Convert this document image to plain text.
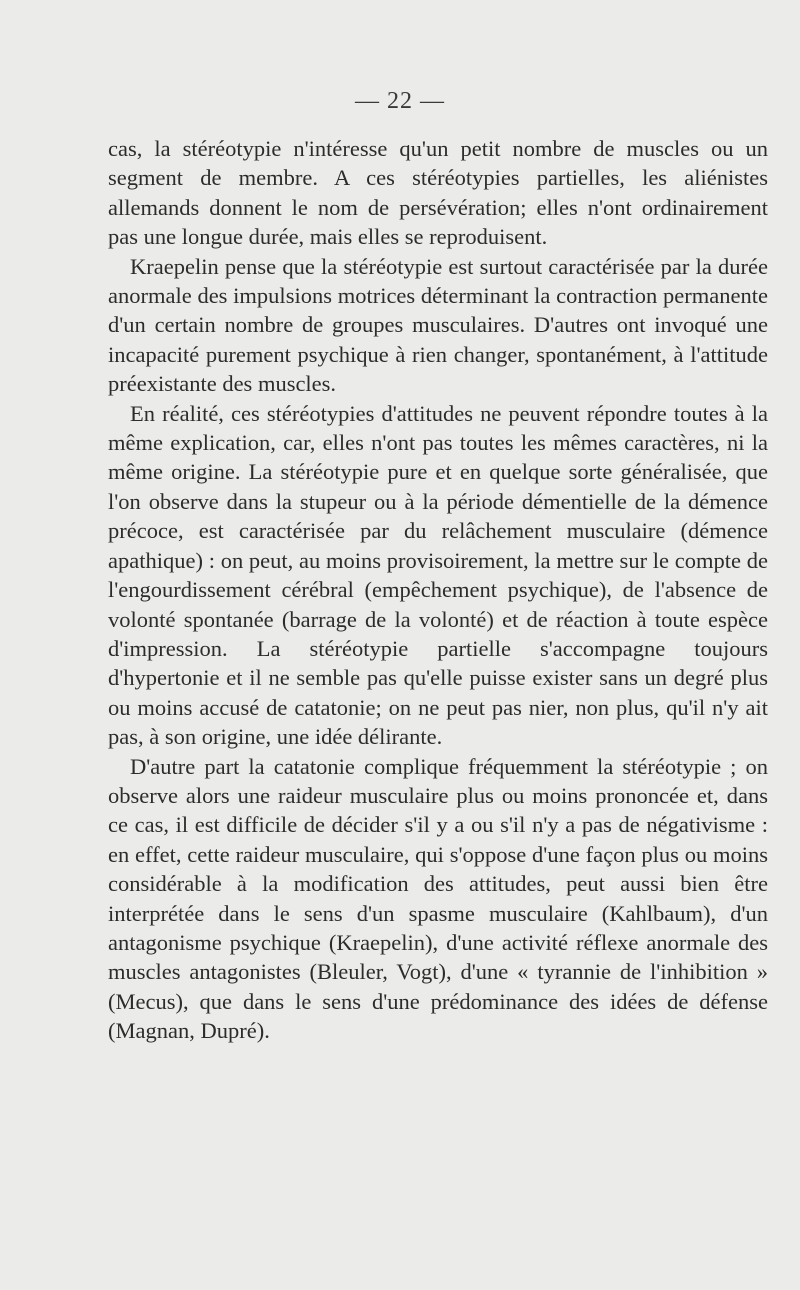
— 22 —

cas, la stéréotypie n'intéresse qu'un petit nombre de muscles ou un segment de membre. A ces stéréotypies partielles, les aliénistes allemands donnent le nom de persévération; elles n'ont ordinairement pas une longue durée, mais elles se reproduisent.

Kraepelin pense que la stéréotypie est surtout caractérisée par la durée anormale des impulsions motrices déterminant la contraction permanente d'un certain nombre de groupes musculaires. D'autres ont invoqué une incapacité purement psychique à rien changer, spontanément, à l'attitude préexistante des muscles.

En réalité, ces stéréotypies d'attitudes ne peuvent répondre toutes à la même explication, car, elles n'ont pas toutes les mêmes caractères, ni la même origine. La stéréotypie pure et en quelque sorte généralisée, que l'on observe dans la stupeur ou à la période démentielle de la démence précoce, est caractérisée par du relâchement musculaire (démence apathique) : on peut, au moins provisoirement, la mettre sur le compte de l'engourdissement cérébral (empêchement psychique), de l'absence de volonté spontanée (barrage de la volonté) et de réaction à toute espèce d'impression. La stéréotypie partielle s'accompagne toujours d'hypertonie et il ne semble pas qu'elle puisse exister sans un degré plus ou moins accusé de catatonie; on ne peut pas nier, non plus, qu'il n'y ait pas, à son origine, une idée délirante.

D'autre part la catatonie complique fréquemment la stéréotypie ; on observe alors une raideur musculaire plus ou moins prononcée et, dans ce cas, il est difficile de décider s'il y a ou s'il n'y a pas de négativisme : en effet, cette raideur musculaire, qui s'oppose d'une façon plus ou moins considérable à la modification des attitudes, peut aussi bien être interprétée dans le sens d'un spasme musculaire (Kahlbaum), d'un antagonisme psychique (Kraepelin), d'une activité réflexe anormale des muscles antagonistes (Bleuler, Vogt), d'une « tyrannie de l'inhibition » (Mecus), que dans le sens d'une prédominance des idées de défense (Magnan, Dupré).
